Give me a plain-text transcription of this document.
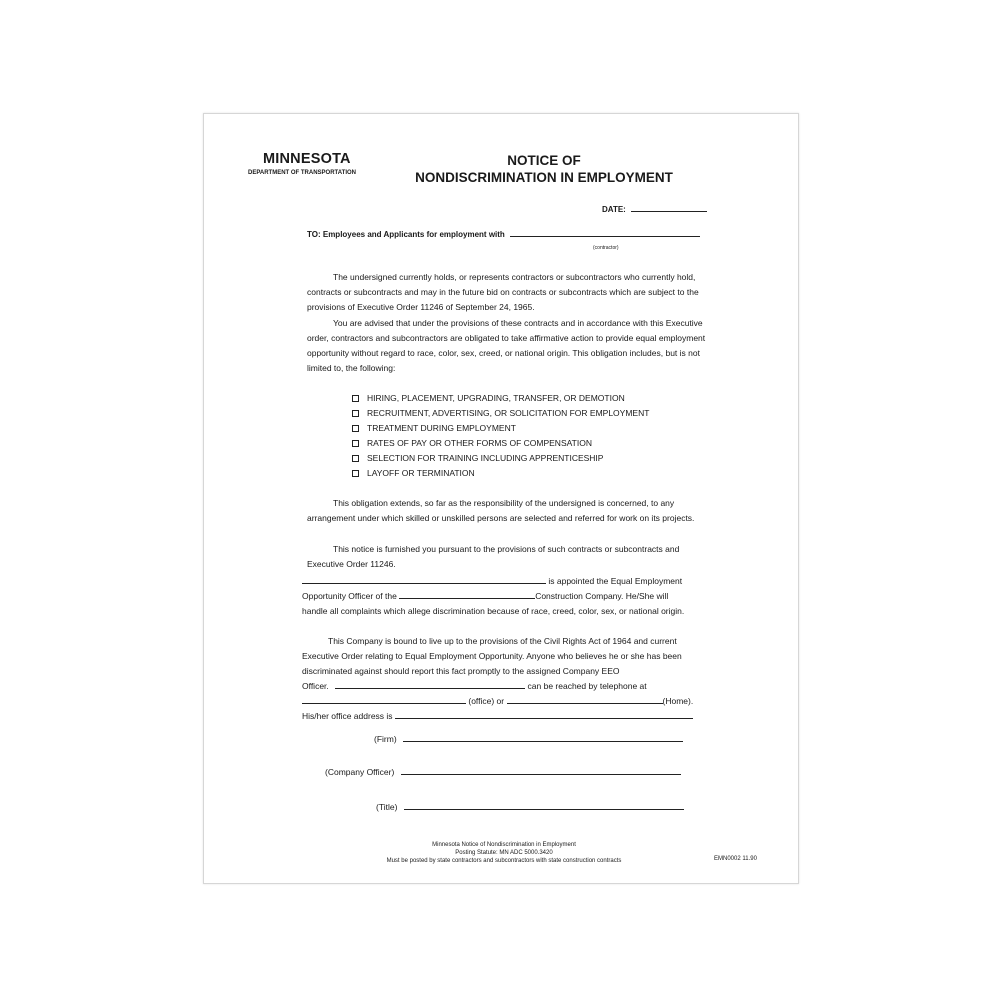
MINNESOTA
DEPARTMENT OF TRANSPORTATION
NOTICE OF
NONDISCRIMINATION IN EMPLOYMENT
DATE:
TO: Employees and Applicants for employment with
(contractor)
The undersigned currently holds, or represents contractors or subcontractors who currently hold, contracts or subcontracts and may in the future bid on contracts or subcontracts which are subject to the provisions of Executive Order 11246 of September 24, 1965.
You are advised that under the provisions of these contracts and in accordance with this Executive order, contractors and subcontractors are obligated to take affirmative action to provide equal employment opportunity without regard to race, color, sex, creed, or national origin. This obligation includes, but is not limited to, the following:
HIRING, PLACEMENT, UPGRADING, TRANSFER, OR DEMOTION
RECRUITMENT, ADVERTISING, OR SOLICITATION FOR EMPLOYMENT
TREATMENT DURING EMPLOYMENT
RATES OF PAY OR OTHER FORMS OF COMPENSATION
SELECTION FOR TRAINING INCLUDING APPRENTICESHIP
LAYOFF OR TERMINATION
This obligation extends, so far as the responsibility of the undersigned is concerned, to any arrangement under which skilled or unskilled persons are selected and referred for work on its projects.
This notice is furnished you pursuant to the provisions of such contracts or subcontracts and Executive Order 11246.
is appointed the Equal Employment
Opportunity Officer of the	Construction Company. He/She will
handle all complaints which allege discrimination because of race, creed, color, sex, or national origin.
This Company is bound to live up to the provisions of the Civil Rights Act of 1964 and current Executive Order relating to Equal Employment Opportunity. Anyone who believes he or she has been discriminated against should report this fact promptly to the assigned Company EEO
Officer.	can be reached by telephone at
(office) or	(Home).
His/her office address is
(Firm)
(Company Officer)
(Title)
Minnesota Notice of Nondiscrimination in Employment
Posting Statute: MN ADC 5000.3420
Must be posted by state contractors and subcontractors with state construction contracts	EMN0002 11.90
